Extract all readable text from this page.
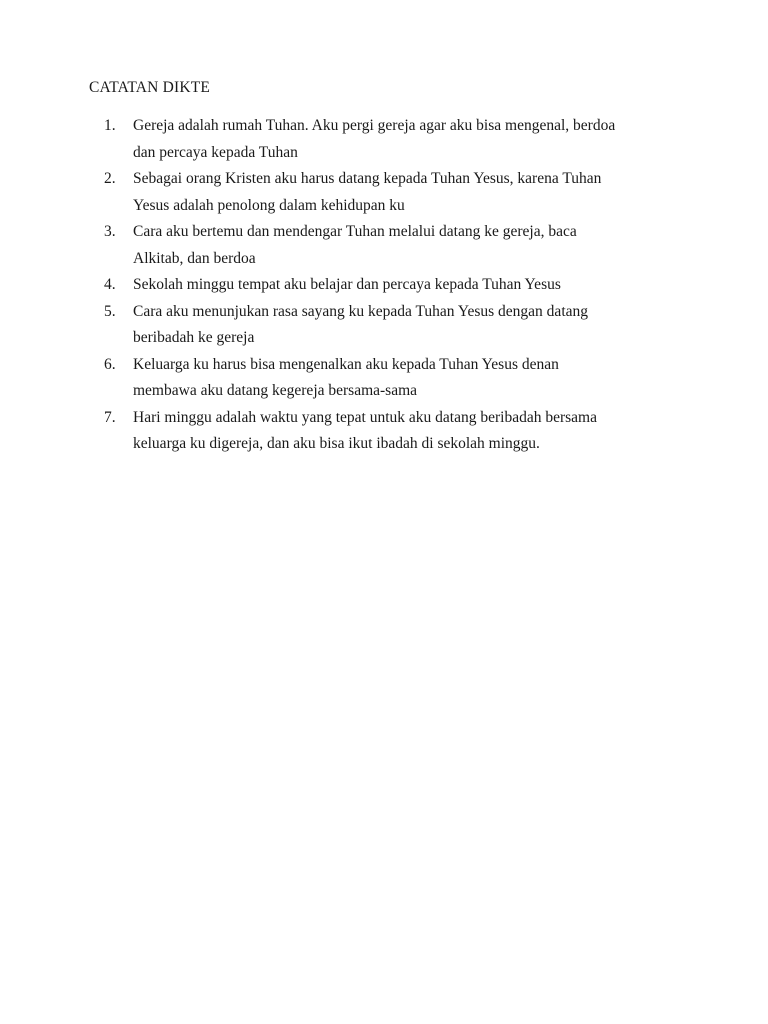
CATATAN DIKTE
1.	Gereja adalah rumah Tuhan. Aku pergi gereja agar aku bisa mengenal, berdoa
dan percaya kepada Tuhan
2.	Sebagai orang Kristen aku harus datang kepada Tuhan Yesus, karena Tuhan
Yesus adalah penolong dalam kehidupan ku
3.	Cara aku bertemu dan mendengar Tuhan melalui datang ke gereja, baca
Alkitab, dan berdoa
4.	Sekolah minggu tempat aku belajar dan percaya kepada Tuhan Yesus
5.	Cara aku menunjukan rasa sayang ku kepada Tuhan Yesus dengan datang
beribadah ke gereja
6.	Keluarga ku harus bisa mengenalkan aku kepada Tuhan Yesus denan
membawa aku datang kegereja bersama-sama
7.	Hari minggu adalah waktu yang tepat untuk aku datang beribadah bersama
keluarga ku digereja, dan aku bisa ikut ibadah di sekolah minggu.
